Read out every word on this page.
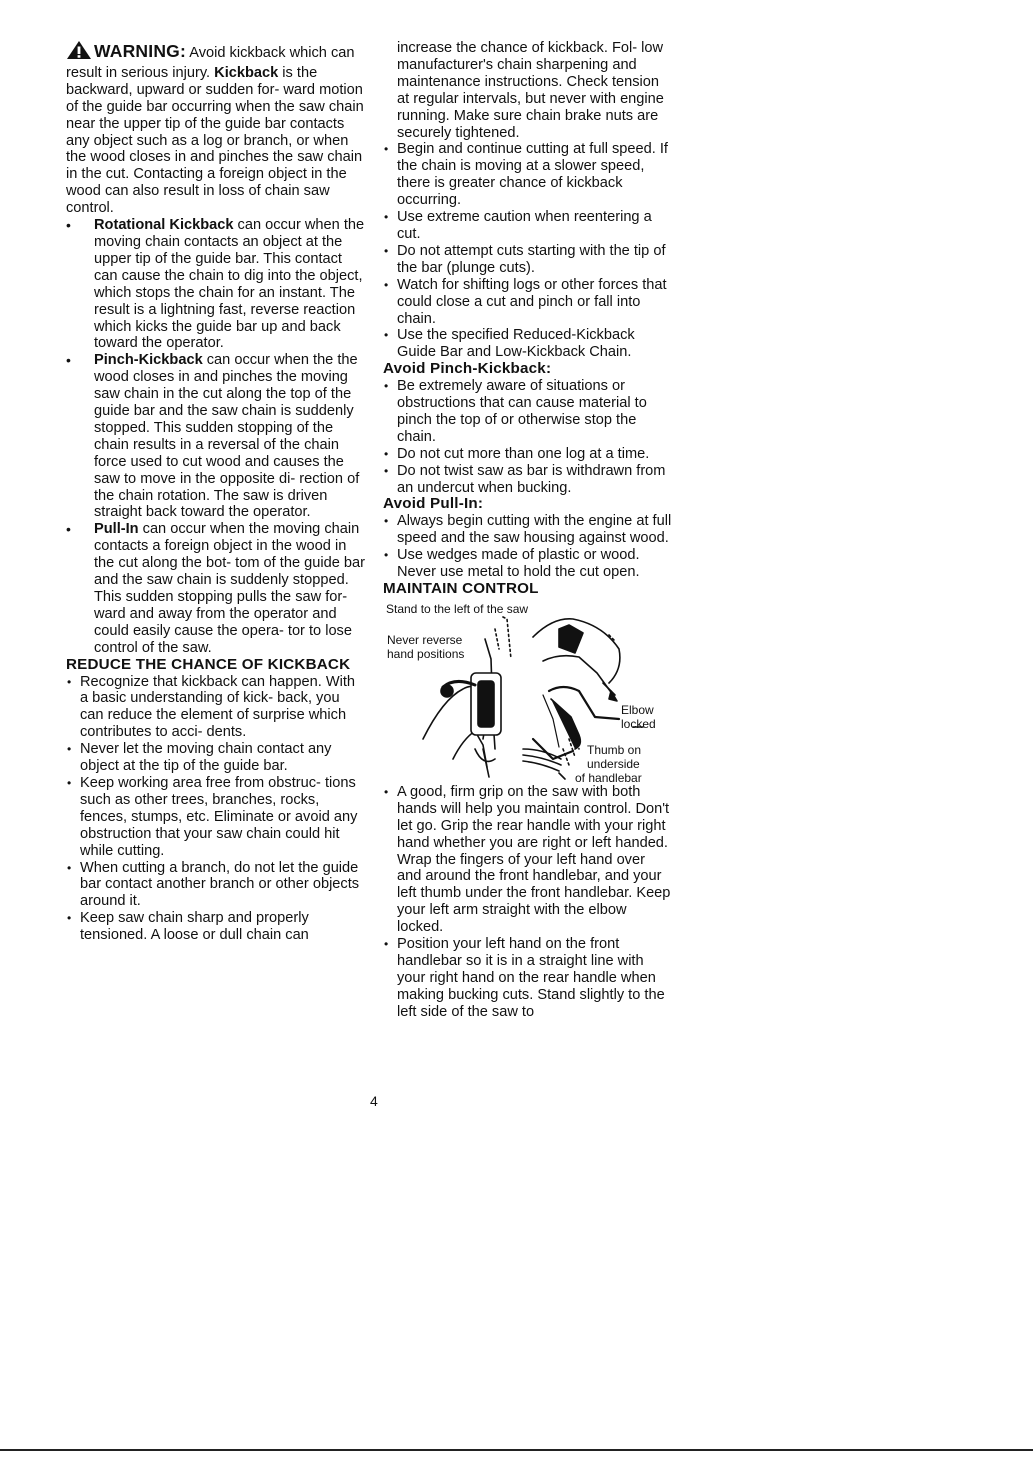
WARNING: Avoid kickback which can result in serious injury. Kickback is the backward, upward or sudden for- ward motion of the guide bar occurring when the saw chain near the upper tip of the guide bar contacts any object such as a log or branch, or when the wood closes in and pinches the saw chain in the cut. Contacting a foreign object in the wood can also result in loss of chain saw control.

• Rotational Kickback can occur when the moving chain contacts an object at the upper tip of the guide bar. This contact can cause the chain to dig into the object, which stops the chain for an instant. The result is a lightning fast, reverse reaction which kicks the guide bar up and back toward the operator.
• Pinch-Kickback can occur when the the wood closes in and pinches the moving saw chain in the cut along the top of the guide bar and the saw chain is suddenly stopped. This sudden stopping of the chain results in a reversal of the chain force used to cut wood and causes the saw to move in the opposite di- rection of the chain rotation. The saw is driven straight back toward the operator.
• Pull-In can occur when the moving chain contacts a foreign object in the wood in the cut along the bot- tom of the guide bar and the saw chain is suddenly stopped. This sudden stopping pulls the saw for- ward and away from the operator and could easily cause the opera- tor to lose control of the saw.

REDUCE THE CHANCE OF KICKBACK

• Recognize that kickback can happen. With a basic understanding of kick- back, you can reduce the element of surprise which contributes to acci- dents.
• Never let the moving chain contact any object at the tip of the guide bar.
• Keep working area free from obstruc- tions such as other trees, branches, rocks, fences, stumps, etc. Eliminate or avoid any obstruction that your saw chain could hit while cutting.
• When cutting a branch, do not let the guide bar contact another branch or other objects around it.
• Keep saw chain sharp and properly tensioned. A loose or dull chain can

increase the chance of kickback. Fol- low manufacturer's chain sharpening and maintenance instructions. Check tension at regular intervals, but never with engine running. Make sure chain brake nuts are securely tightened.

• Begin and continue cutting at full speed. If the chain is moving at a slower speed, there is greater chance of kickback occurring.
• Use extreme caution when reentering a cut.
• Do not attempt cuts starting with the tip of the bar (plunge cuts).
• Watch for shifting logs or other forces that could close a cut and pinch or fall into chain.
• Use the specified Reduced-Kickback Guide Bar and Low-Kickback Chain.

Avoid Pinch-Kickback:

• Be extremely aware of situations or obstructions that can cause material to pinch the top of or otherwise stop the chain.
• Do not cut more than one log at a time.
• Do not twist saw as bar is withdrawn from an undercut when bucking.

Avoid Pull-In:

• Always begin cutting with the engine at full speed and the saw housing against wood.
• Use wedges made of plastic or wood. Never use metal to hold the cut open.

MAINTAIN CONTROL

Stand to the left of the saw
Never reverse
hand positions
Elbow
locked
Thumb on
underside
of handlebar
• A good, firm grip on the saw with both hands will help you maintain control. Don't let go. Grip the rear handle with your right hand whether you are right or left handed. Wrap the fingers of your left hand over and around the front handlebar, and your left thumb under the front handlebar. Keep your left arm straight with the elbow locked.
• Position your left hand on the front handlebar so it is in a straight line with your right hand on the rear handle when making bucking cuts. Stand slightly to the left side of the saw to
4
